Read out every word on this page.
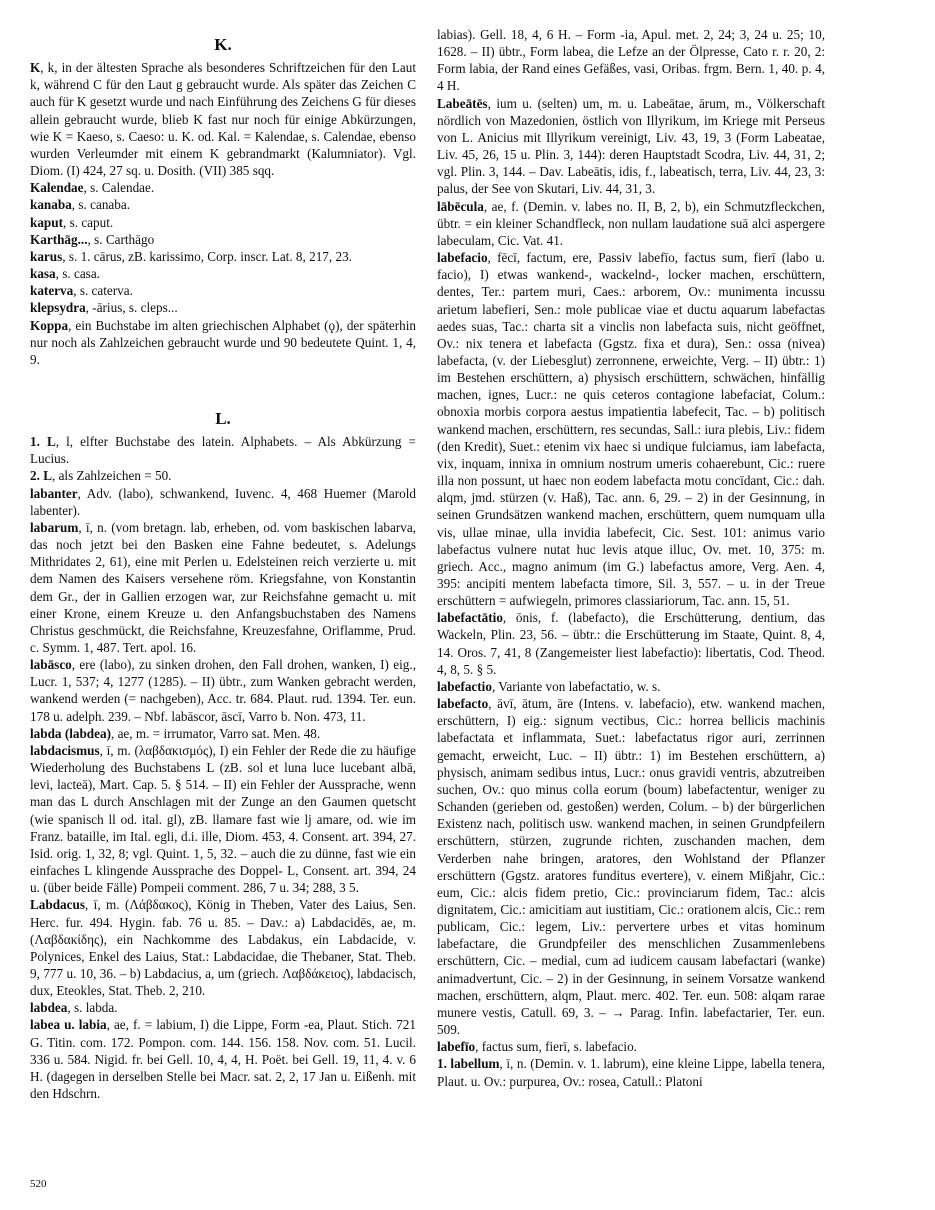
K.

K, k, in der ältesten Sprache als besonderes Schriftzeichen für den Laut k, während C für den Laut g gebraucht wurde. Als später das Zeichen C auch für K gesetzt wurde und nach Einführung des Zeichens G für dieses allein gebraucht wurde, blieb K fast nur noch für einige Abkürzungen, wie K = Kaeso, s. Caeso: u. K. od. Kal. = Kalendae, s. Calendae, ebenso wurden Verleumder mit einem K gebrandmarkt (Kalumniator). Vgl. Diom. (I) 424, 27 sq. u. Dosith. (VII) 385 sqq.

Kalendae, s. Calendae.

kanaba, s. canaba.

kaput, s. caput.

Karthāg..., s. Carthāgo

karus, s. 1. cārus, zB. karissimo, Corp. inscr. Lat. 8, 217, 23.

kasa, s. casa.

katerva, s. caterva.

klepsydra, -ārius, s. cleps...

Koppa, ein Buchstabe im alten griechischen Alphabet (ϙ), der späterhin nur noch als Zahlzeichen gebraucht wurde und 90 bedeutete Quint. 1, 4, 9.

L.

1. L, l, elfter Buchstabe des latein. Alphabets. – Als Abkürzung = Lucius.

2. L, als Zahlzeichen = 50.

labanter, Adv. (labo), schwankend, Iuvenc. 4, 468 Huemer (Marold labenter).

labarum, ī, n. (vom bretagn. lab, erheben, od. vom baskischen labarva, das noch jetzt bei den Basken eine Fahne bedeutet, s. Adelungs Mithridates 2, 61), eine mit Perlen u. Edelsteinen reich verzierte u. mit dem Namen des Kaisers versehene röm. Kriegsfahne, von Konstantin dem Gr., der in Gallien erzogen war, zur Reichsfahne gemacht u. mit einer Krone, einem Kreuze u. den Anfangsbuchstaben des Namens Christus geschmückt, die Reichsfahne, Kreuzesfahne, Oriflamme, Prud. c. Symm. 1, 487. Tert. apol. 16.

labāsco, ere (labo), zu sinken drohen, den Fall drohen, wanken, I) eig., Lucr. 1, 537; 4, 1277 (1285). – II) übtr., zum Wanken gebracht werden, wankend werden (= nachgeben), Acc. tr. 684. Plaut. rud. 1394. Ter. eun. 178 u. adelph. 239. – Nbf. labāscor, āscī, Varro b. Non. 473, 11.

labda (labdea), ae, m. = irrumator, Varro sat. Men. 48.

labdacismus, ī, m. (λαβδακισμός), I) ein Fehler der Rede die zu häufige Wiederholung des Buchstabens L (zB. sol et luna luce lucebant albā, levi, lacteā), Mart. Cap. 5. § 514. – II) ein Fehler der Aussprache, wenn man das L durch Anschlagen mit der Zunge an den Gaumen quetscht (wie spanisch ll od. ital. gl), zB. llamare fast wie lj amare, od. wie im Franz. bataille, im Ital. egli, d.i. ille, Diom. 453, 4. Consent. art. 394, 27. Isid. orig. 1, 32, 8; vgl. Quint. 1, 5, 32. – auch die zu dünne, fast wie ein einfaches L klingende Aussprache des Doppel- L, Consent. art. 394, 24 u. (über beide Fälle) Pompeii comment. 286, 7 u. 34; 288, 3 5.

Labdacus, ī, m. (Λάβδακος), König in Theben, Vater des Laius, Sen. Herc. fur. 494. Hygin. fab. 76 u. 85. – Dav.: a) Labdacidēs, ae, m. (Λαβδακίδης), ein Nachkomme des Labdakus, ein Labdacide, v. Polynices, Enkel des Laius, Stat.: Labdacidae, die Thebaner, Stat. Theb. 9, 777 u. 10, 36. – b) Labdacius, a, um (griech. Λαβδάκειος), labdacisch, dux, Eteokles, Stat. Theb. 2, 210.

labdea, s. labda.

labea u. labia, ae, f. = labium, I) die Lippe, Form -ea, Plaut. Stich. 721 G. Titin. com. 172. Pompon. com. 144. 156. 158. Nov. com. 51. Lucil. 336 u. 584. Nigid. fr. bei Gell. 10, 4, 4, H. Poët. bei Gell. 19, 11, 4. v. 6 H. (dagegen in derselben Stelle bei Macr. sat. 2, 2, 17 Jan u. Eißenh. mit den Hdschrn.

labias). Gell. 18, 4, 6 H. – Form -ia, Apul. met. 2, 24; 3, 24 u. 25; 10, 1628. – II) übtr., Form labea, die Lefze an der Ölpresse, Cato r. r. 20, 2: Form labia, der Rand eines Gefäßes, vasi, Oribas. frgm. Bern. 1, 40. p. 4, 4 H.

Labeātēs, ium u. (selten) um, m. u. Labeātae, ārum, m., Völkerschaft nördlich von Mazedonien, östlich von Illyrikum, im Kriege mit Perseus von L. Anicius mit Illyrikum vereinigt, Liv. 43, 19, 3 (Form Labeatae, Liv. 45, 26, 15 u. Plin. 3, 144): deren Hauptstadt Scodra, Liv. 44, 31, 2; vgl. Plin. 3, 144. – Dav. Labeātis, idis, f., labeatisch, terra, Liv. 44, 23, 3: palus, der See von Skutari, Liv. 44, 31, 3.

lābēcula, ae, f. (Demin. v. labes no. II, B, 2, b), ein Schmutzfleckchen, übtr. = ein kleiner Schandfleck, non nullam laudatione suā alci aspergere labeculam, Cic. Vat. 41.

labefacio, fēcī, factum, ere, Passiv labefīo, factus sum, fierī (labo u. facio), I) etwas wankend-, wackelnd-, locker machen, erschüttern, dentes, Ter.: partem muri, Caes.: arborem, Ov.: munimenta incussu arietum labefieri, Sen.: mole publicae viae et ductu aquarum labefactas aedes suas, Tac.: charta sit a vinclis non labefacta suis, nicht geöffnet, Ov.: nix tenera et labefacta (Ggstz. fixa et dura), Sen.: ossa (nivea) labefacta, (v. der Liebesglut) zerronnene, erweichte, Verg. – II) übtr.: 1) im Bestehen erschüttern, a) physisch erschüttern, schwächen, hinfällig machen, ignes, Lucr.: ne quis ceteros contagione labefaciat, Colum.: obnoxia morbis corpora aestus impatientia labefecit, Tac. – b) politisch wankend machen, erschüttern, res secundas, Sall.: iura plebis, Liv.: fidem (den Kredit), Suet.: etenim vix haec si undique fulciamus, iam labefacta, vix, inquam, innixa in omnium nostrum umeris cohaerebunt, Cic.: ruere illa non possunt, ut haec non eodem labefacta motu concīdant, Cic.: dah. alqm, jmd. stürzen (v. Haß), Tac. ann. 6, 29. – 2) in der Gesinnung, in seinen Grundsätzen wankend machen, erschüttern, quem numquam ulla vis, ullae minae, ulla invidia labefecit, Cic. Sest. 101: animus vario labefactus vulnere nutat huc levis atque illuc, Ov. met. 10, 375: m. griech. Acc., magno animum (im G.) labefactus amore, Verg. Aen. 4, 395: ancipiti mentem labefacta timore, Sil. 3, 557. – u. in der Treue erschüttern = aufwiegeln, primores classiariorum, Tac. ann. 15, 51.

labefactātio, ōnis, f. (labefacto), die Erschütterung, dentium, das Wackeln, Plin. 23, 56. – übtr.: die Erschütterung im Staate, Quint. 8, 4, 14. Oros. 7, 41, 8 (Zangemeister liest labefactio): libertatis, Cod. Theod. 4, 8, 5. § 5.

labefactio, Variante von labefactatio, w. s.

labefacto, āvī, ātum, āre (Intens. v. labefacio), etw. wankend machen, erschüttern, I) eig.: signum vectibus, Cic.: horrea bellicis machinis labefactata et inflammata, Suet.: labefactatus rigor auri, zerrinnen gemacht, erweicht, Luc. – II) übtr.: 1) im Bestehen erschüttern, a) physisch, animam sedibus intus, Lucr.: onus gravidi ventris, abzutreiben suchen, Ov.: quo minus colla eorum (boum) labefactentur, weniger zu Schanden (gerieben od. gestoßen) werden, Colum. – b) der bürgerlichen Existenz nach, politisch usw. wankend machen, in seinen Grundpfeilern erschüttern, stürzen, zugrunde richten, zuschanden machen, dem Verderben nahe bringen, aratores, den Wohlstand der Pflanzer erschüttern (Ggstz. aratores funditus evertere), v. einem Mißjahr, Cic.: eum, Cic.: alcis fidem pretio, Cic.: provinciarum fidem, Tac.: alcis dignitatem, Cic.: amicitiam aut iustitiam, Cic.: orationem alcis, Cic.: rem publicam, Cic.: legem, Liv.: pervertere urbes et vitas hominum labefactare, die Grundpfeiler des menschlichen Zusammenlebens erschüttern, Cic. – medial, cum ad iudicem causam labefactari (wanke) animadvertunt, Cic. – 2) in der Gesinnung, in seinem Vorsatze wankend machen, erschüttern, alqm, Plaut. merc. 402. Ter. eun. 508: alqam rarae munere vestis, Catull. 69, 3. – → Parag. Infin. labefactarier, Ter. eun. 509.

labefīo, factus sum, fierī, s. labefacio.

1. labellum, ī, n. (Demin. v. 1. labrum), eine kleine Lippe, labella tenera, Plaut. u. Ov.: purpurea, Ov.: rosea, Catull.: Platoni

520
